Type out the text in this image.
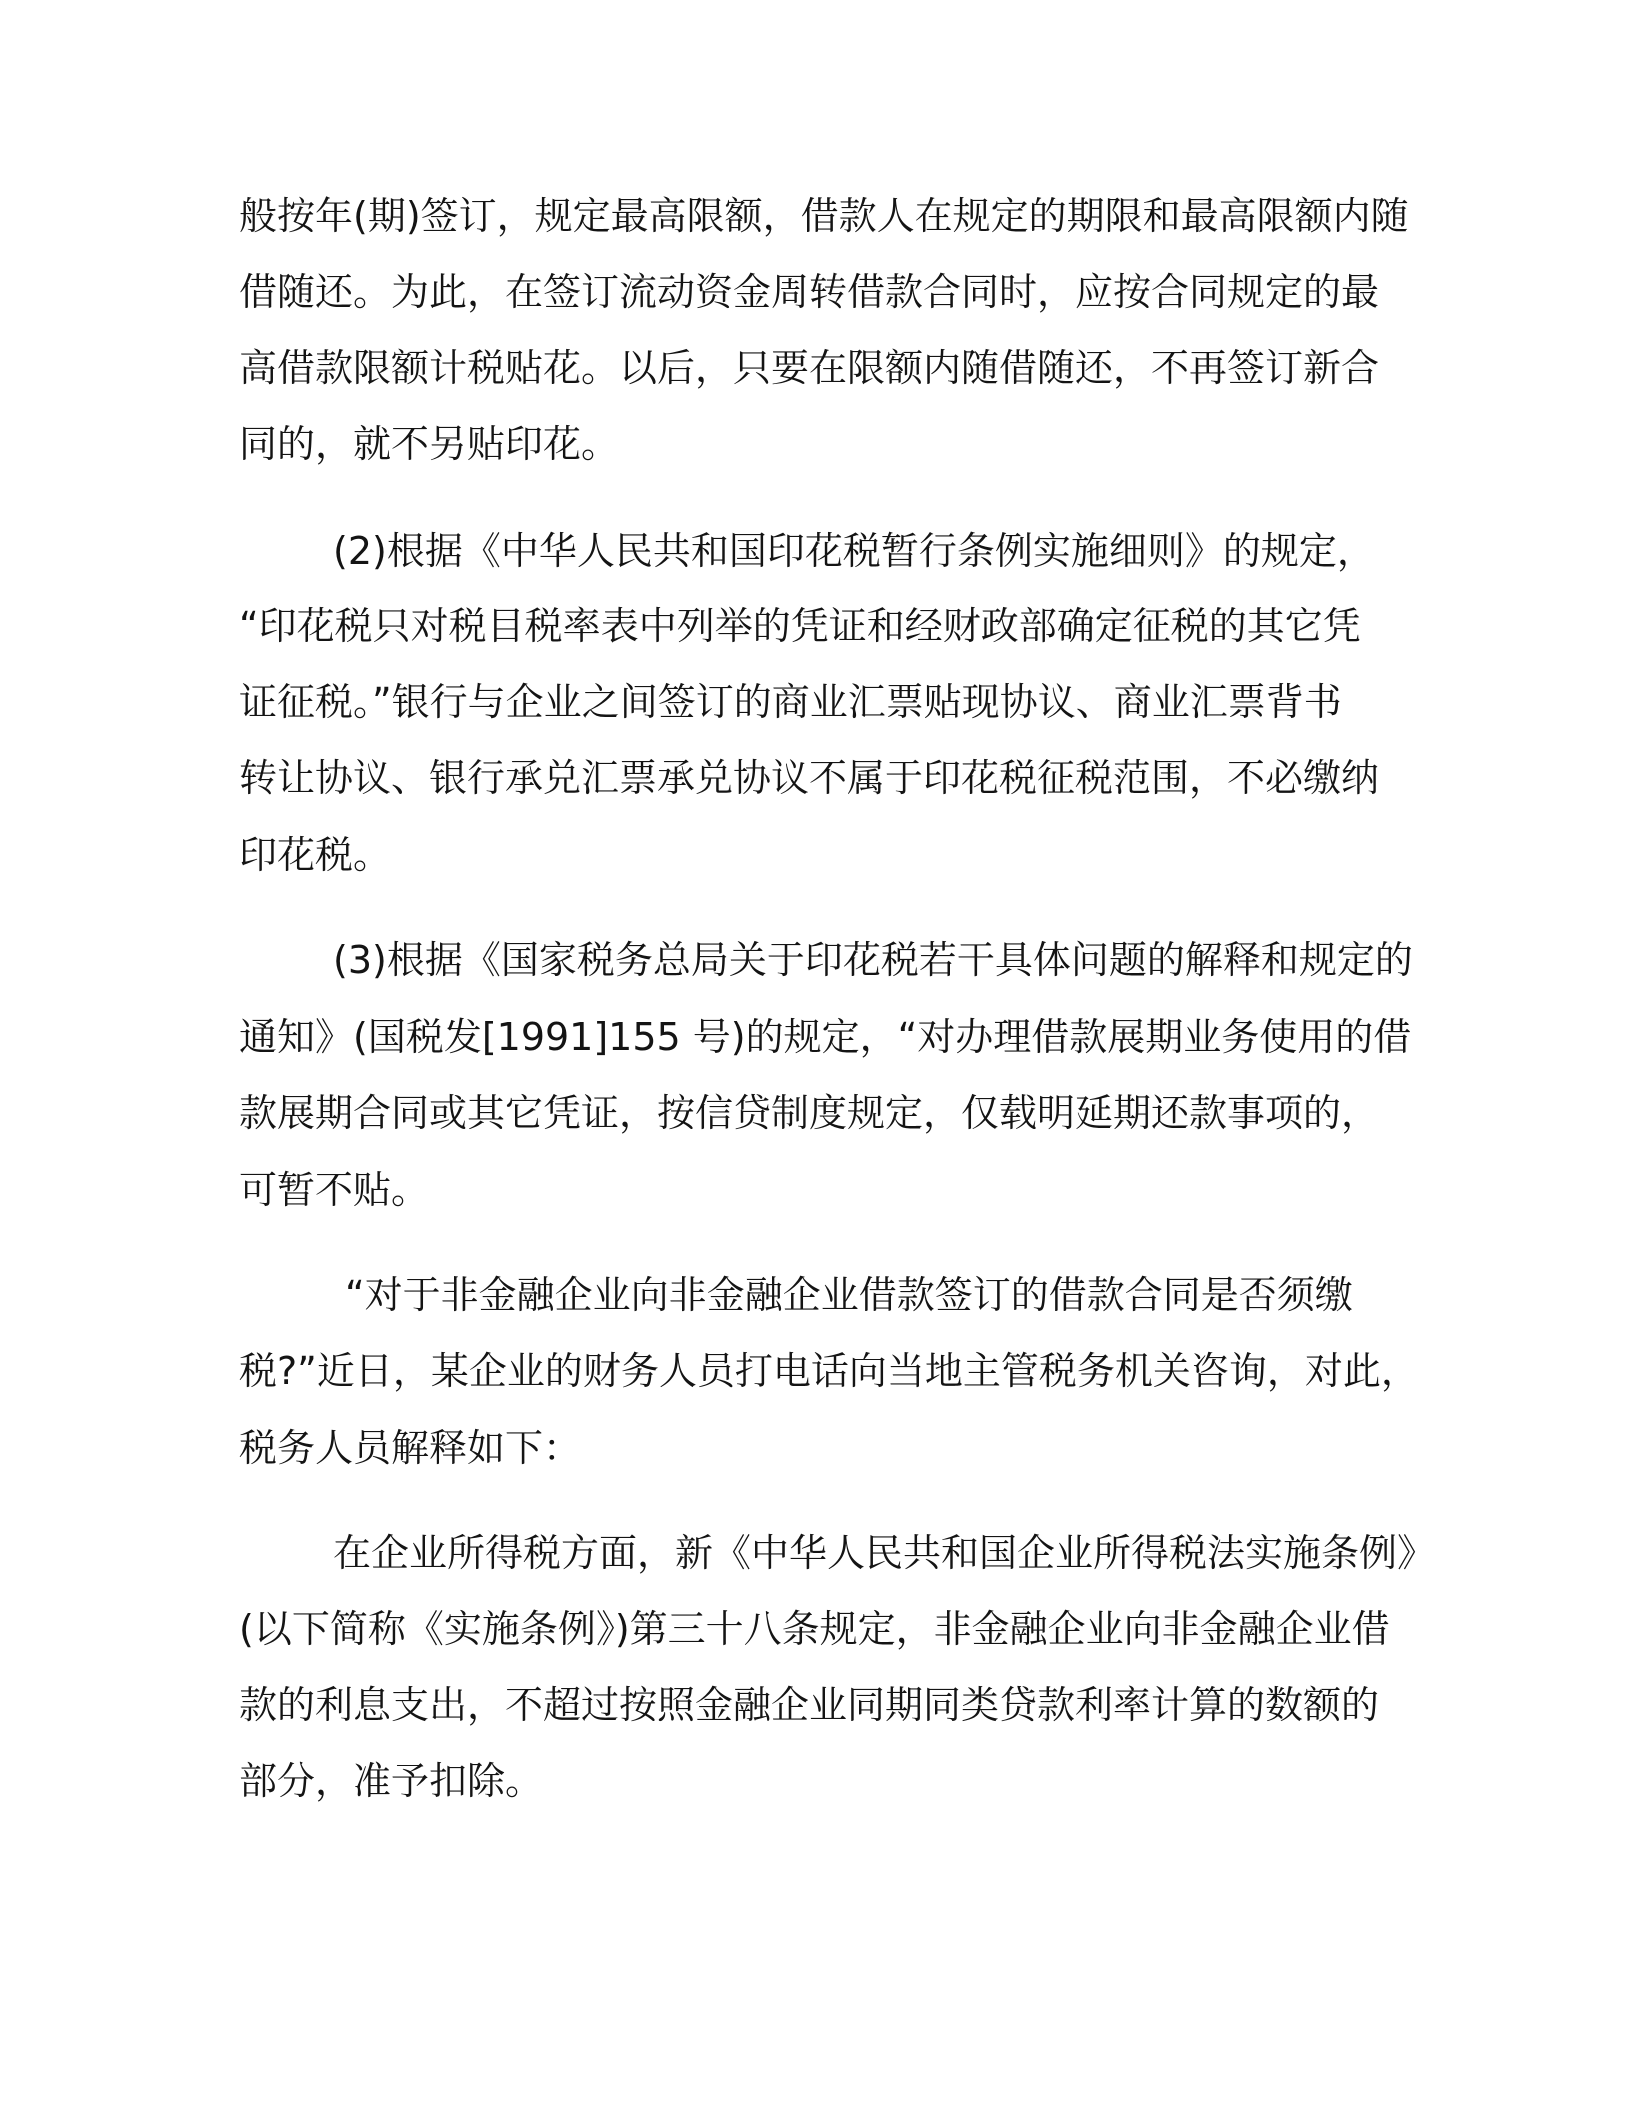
般按年(期)签订，规定最高限额，借款人在规定的期限和最高限额内随
借随还。为此，在签订流动资金周转借款合同时，应按合同规定的最
高借款限额计税贴花。以后，只要在限额内随借随还，不再签订新合
同的，就不另贴印花。
(2)根据《中华人民共和国印花税暂行条例实施细则》的规定，
“印花税只对税目税率表中列举的凭证和经财政部确定征税的其它凭
证征税。”银行与企业之间签订的商业汇票贴现协议、商业汇票背书
转让协议、银行承兑汇票承兑协议不属于印花税征税范围，不必缴纳
印花税。
(3)根据《国家税务总局关于印花税若干具体问题的解释和规定的
通知》(国税发[1991]155 号)的规定，“对办理借款展期业务使用的借
款展期合同或其它凭证，按信贷制度规定，仅载明延期还款事项的，
可暂不贴。
“对于非金融企业向非金融企业借款签订的借款合同是否须缴
税?”近日，某企业的财务人员打电话向当地主管税务机关咨询，对此，
税务人员解释如下：
在企业所得税方面，新《中华人民共和国企业所得税法实施条例》
(以下简称《实施条例》)第三十八条规定，非金融企业向非金融企业借
款的利息支出，不超过按照金融企业同期同类贷款利率计算的数额的
部分，准予扣除。
